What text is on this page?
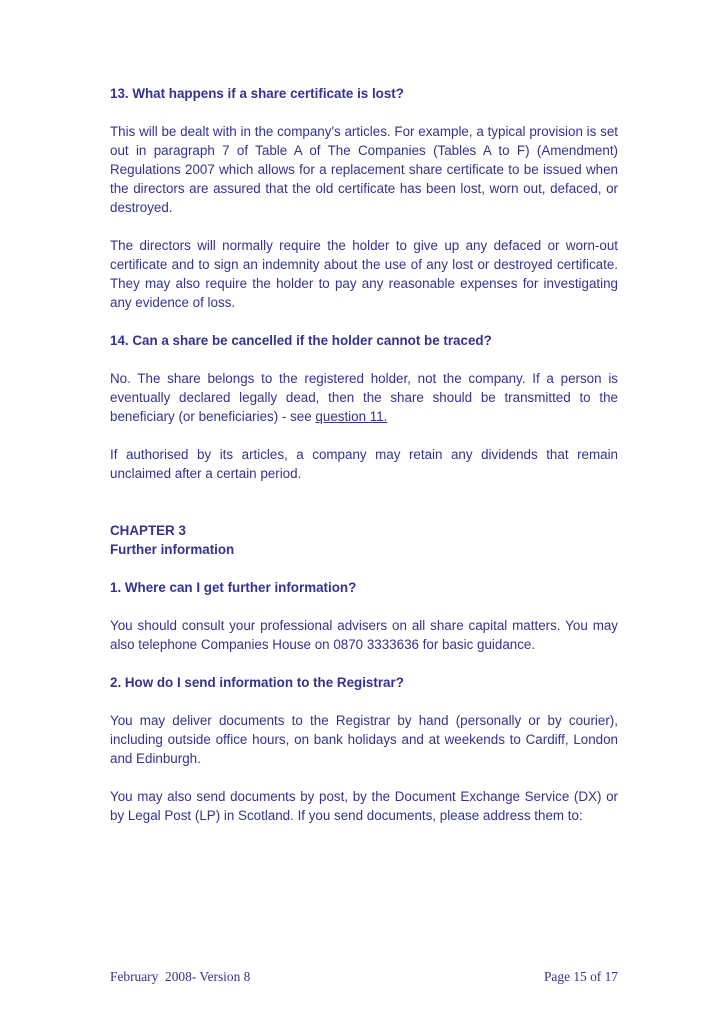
13. What happens if a share certificate is lost?

This will be dealt with in the company's articles. For example, a typical provision is set out in paragraph 7 of Table A of The Companies (Tables A to F) (Amendment) Regulations 2007 which allows for a replacement share certificate to be issued when the directors are assured that the old certificate has been lost, worn out, defaced, or destroyed.

The directors will normally require the holder to give up any defaced or worn-out certificate and to sign an indemnity about the use of any lost or destroyed certificate. They may also require the holder to pay any reasonable expenses for investigating any evidence of loss.

14. Can a share be cancelled if the holder cannot be traced?

No. The share belongs to the registered holder, not the company. If a person is eventually declared legally dead, then the share should be transmitted to the beneficiary (or beneficiaries) - see question 11.

If authorised by its articles, a company may retain any dividends that remain unclaimed after a certain period.

CHAPTER 3

Further information

1. Where can I get further information?

You should consult your professional advisers on all share capital matters. You may also telephone Companies House on 0870 3333636 for basic guidance.

2. How do I send information to the Registrar?

You may deliver documents to the Registrar by hand (personally or by courier), including outside office hours, on bank holidays and at weekends to Cardiff, London and Edinburgh.

You may also send documents by post, by the Document Exchange Service (DX) or by Legal Post (LP) in Scotland. If you send documents, please address them to:

February  2008- Version 8	Page 15 of 17
